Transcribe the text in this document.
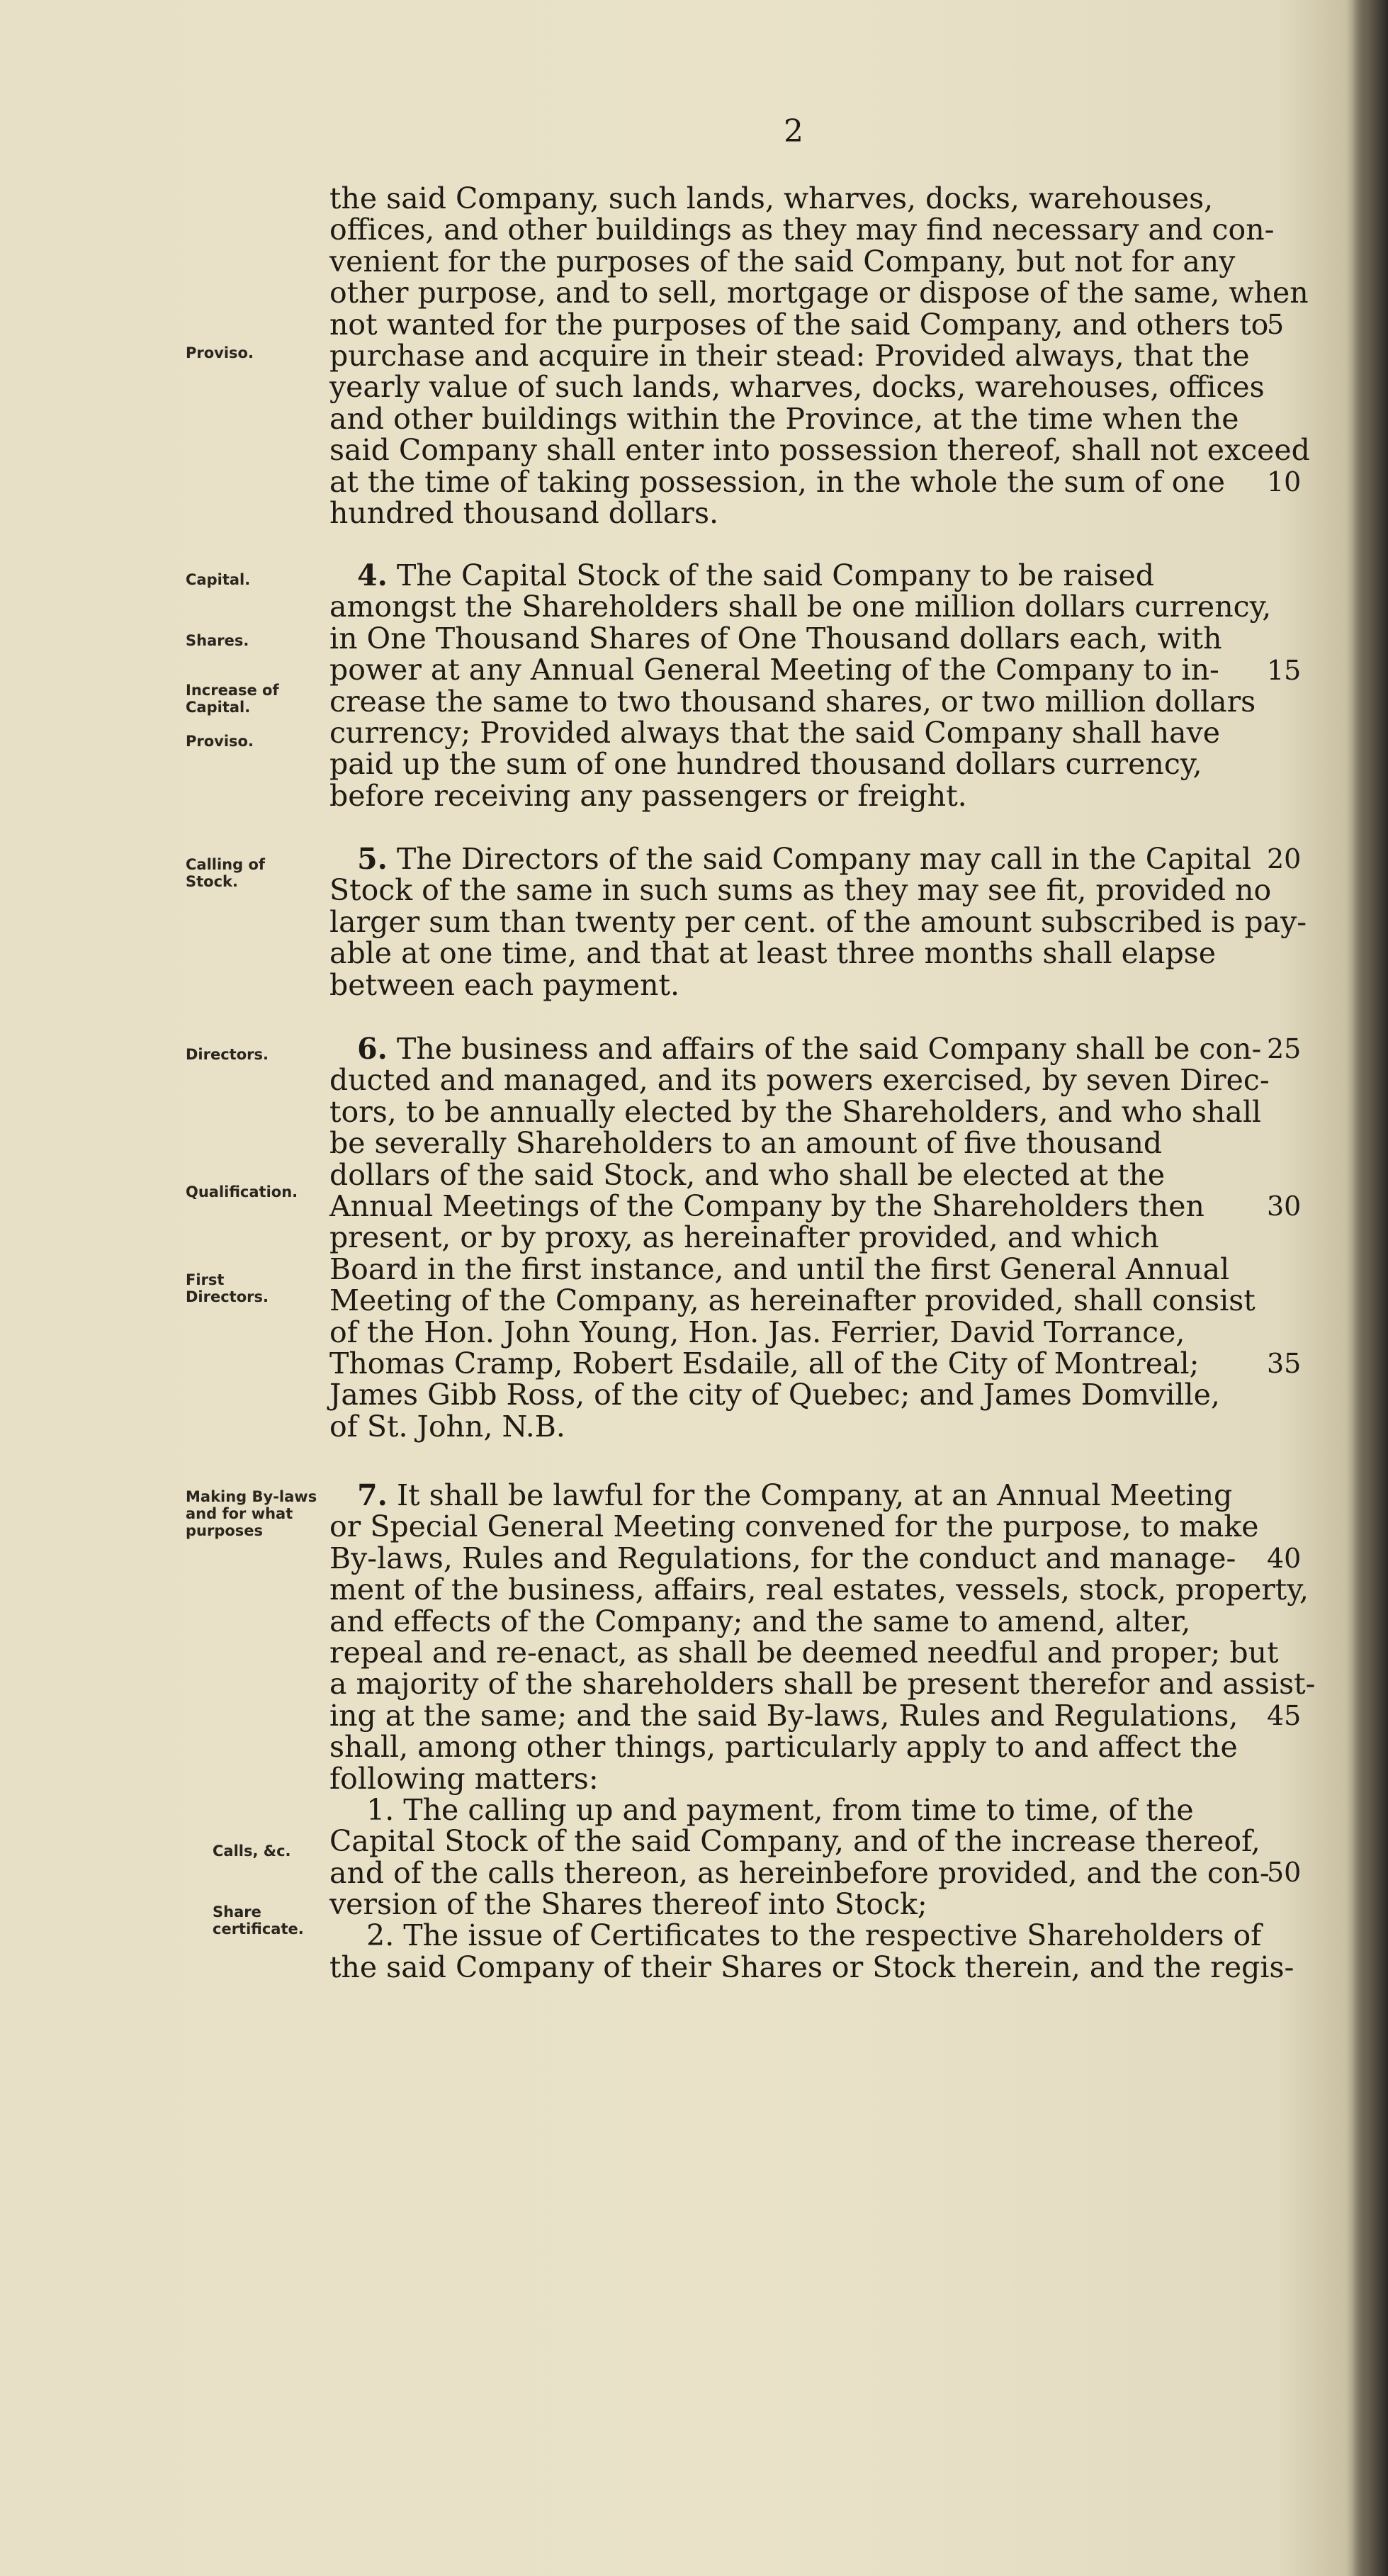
2
the said Company, such lands, wharves, docks, warehouses,
offices, and other buildings as they may find necessary and con-
venient for the purposes of the said Company, but not for any
other purpose, and to sell, mortgage or dispose of the same, when
not wanted for the purposes of the said Company, and others to
purchase and acquire in their stead: Provided always, that the
yearly value of such lands, wharves, docks, warehouses, offices
and other buildings within the Province, at the time when the
said Company shall enter into possession thereof, shall not exceed
at the time of taking possession, in the whole the sum of one
hundred thousand dollars.
4. The Capital Stock of the said Company to be raised
amongst the Shareholders shall be one million dollars currency,
in One Thousand Shares of One Thousand dollars each, with
power at any Annual General Meeting of the Company to in-
crease the same to two thousand shares, or two million dollars
currency; Provided always that the said Company shall have
paid up the sum of one hundred thousand dollars currency,
before receiving any passengers or freight.
5. The Directors of the said Company may call in the Capital
Stock of the same in such sums as they may see fit, provided no
larger sum than twenty per cent. of the amount subscribed is pay-
able at one time, and that at least three months shall elapse
between each payment.
6. The business and affairs of the said Company shall be con-
ducted and managed, and its powers exercised, by seven Direc-
tors, to be annually elected by the Shareholders, and who shall
be severally Shareholders to an amount of five thousand
dollars of the said Stock, and who shall be elected at the
Annual Meetings of the Company by the Shareholders then
present, or by proxy, as hereinafter provided, and which
Board in the first instance, and until the first General Annual
Meeting of the Company, as hereinafter provided, shall consist
of the Hon. John Young, Hon. Jas. Ferrier, David Torrance,
Thomas Cramp, Robert Esdaile, all of the City of Montreal;
James Gibb Ross, of the city of Quebec; and James Domville,
of St. John, N.B.
7. It shall be lawful for the Company, at an Annual Meeting
or Special General Meeting convened for the purpose, to make
By-laws, Rules and Regulations, for the conduct and manage-
ment of the business, affairs, real estates, vessels, stock, property,
and effects of the Company; and the same to amend, alter,
repeal and re-enact, as shall be deemed needful and proper; but
a majority of the shareholders shall be present therefor and assist-
ing at the same; and the said By-laws, Rules and Regulations,
shall, among other things, particularly apply to and affect the
following matters:
1. The calling up and payment, from time to time, of the
Capital Stock of the said Company, and of the increase thereof,
and of the calls thereon, as hereinbefore provided, and the con-
version of the Shares thereof into Stock;
2. The issue of Certificates to the respective Shareholders of
the said Company of their Shares or Stock therein, and the regis-
Proviso.
Capital.
Shares.
Increase of Capital.
Proviso.
Calling of Stock.
Directors.
Qualification.
First Directors.
Making By-laws and for what purposes
Calls, &c.
Share certificate.
5
10
15
20
25
30
35
40
45
50
